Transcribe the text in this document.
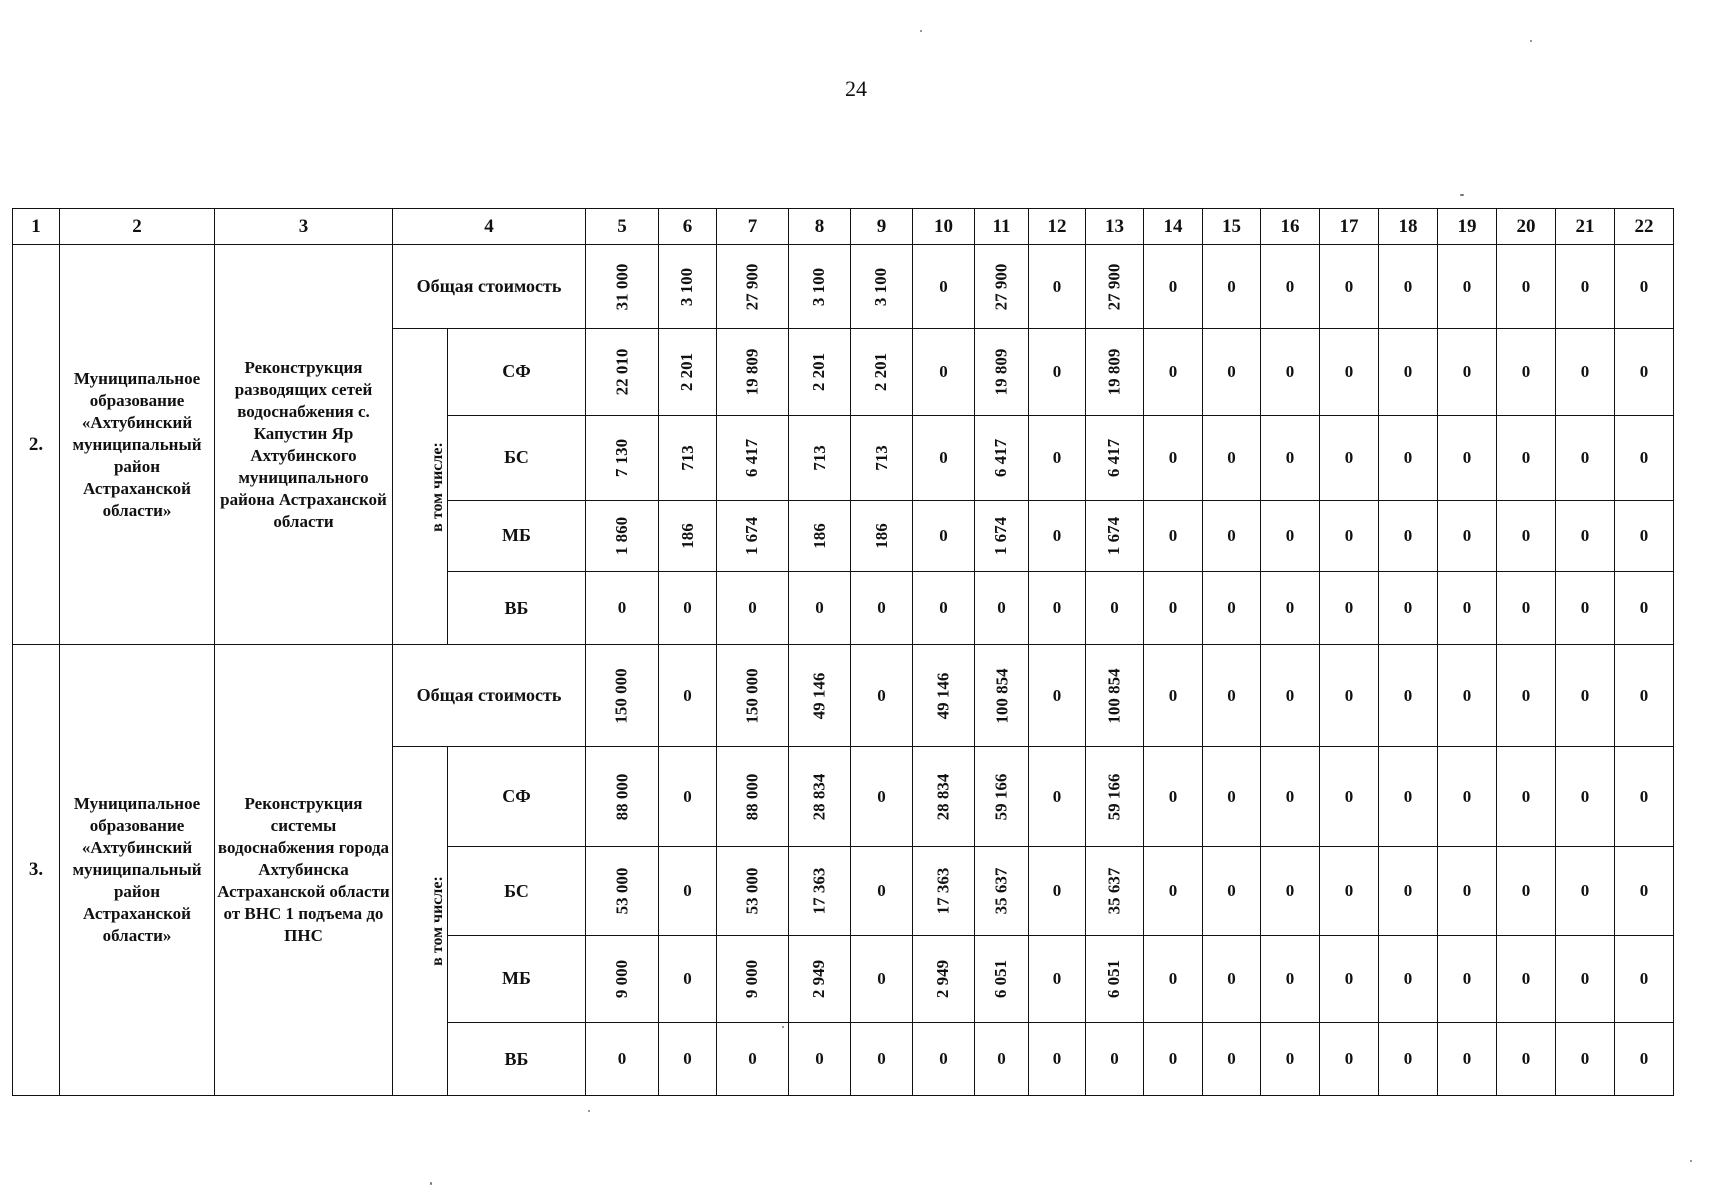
24
1	2	3	4		5	6	7	8	9	10	11	12	13	14	15	16	17	18	19	20	21	22
2.	Муниципальное образование «Ахтубинский муниципальный район Астраханской области»	Реконструкция разводящих сетей водоснабжения с. Капустин Яр Ахтубинского муниципального района Астраханской области	Общая стоимость		31 000	3 100	27 900	3 100	3 100	0	27 900	0	27 900	0	0	0	0	0	0	0	0	0
			в том числе:	СФ	22 010	2 201	19 809	2 201	2 201	0	19 809	0	19 809	0	0	0	0	0	0	0	0	0
				БС	7 130	713	6 417	713	713	0	6 417	0	6 417	0	0	0	0	0	0	0	0	0
				МБ	1 860	186	1 674	186	186	0	1 674	0	1 674	0	0	0	0	0	0	0	0	0
				ВБ	0	0	0	0	0	0	0	0	0	0	0	0	0	0	0	0	0	0
3.	Муниципальное образование «Ахтубинский муниципальный район Астраханской области»	Реконструкция системы водоснабжения города Ахтубинска Астраханской области от ВНС 1 подъема до ПНС	Общая стоимость		150 000	0	150 000	49 146	0	49 146	100 854	0	100 854	0	0	0	0	0	0	0	0	0
			в том числе:	СФ	88 000	0	88 000	28 834	0	28 834	59 166	0	59 166	0	0	0	0	0	0	0	0	0
				БС	53 000	0	53 000	17 363	0	17 363	35 637	0	35 637	0	0	0	0	0	0	0	0	0
				МБ	9 000	0	9 000	2 949	0	2 949	6 051	0	6 051	0	0	0	0	0	0	0	0	0
				ВБ	0	0	0	0	0	0	0	0	0	0	0	0	0	0	0	0	0	0
